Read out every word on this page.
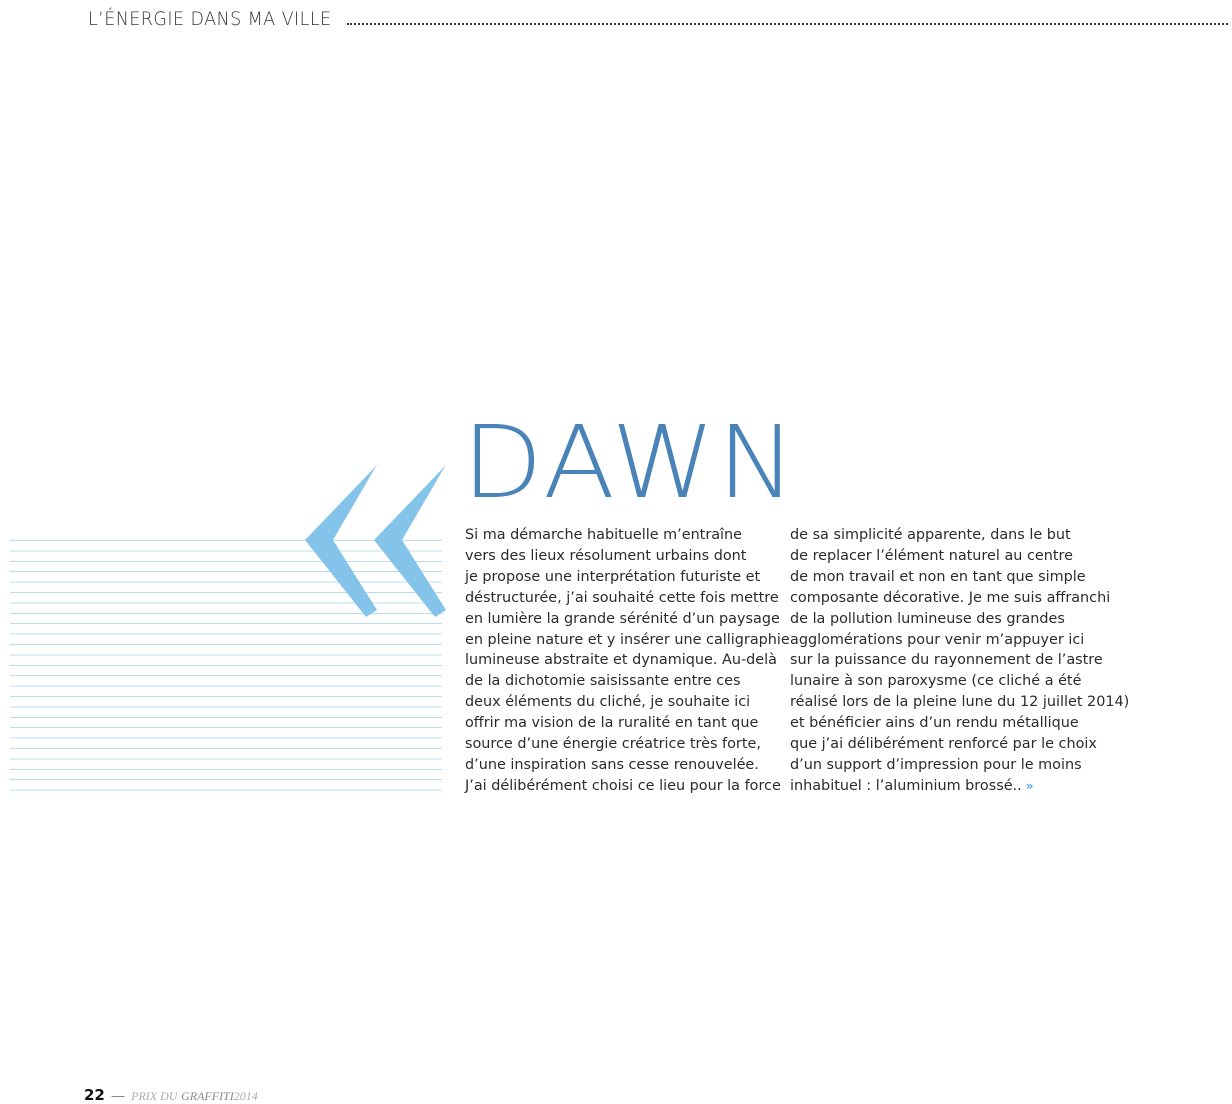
L’ÉNERGIE DANS MA VILLE
DAWN
Si ma démarche habituelle m’entraîne
vers des lieux résolument urbains dont
je propose une interprétation futuriste et
déstructurée, j’ai souhaité cette fois mettre
en lumière la grande sérénité d’un paysage
en pleine nature et y insérer une calligraphie
lumineuse abstraite et dynamique. Au-delà
de la dichotomie saisissante entre ces
deux éléments du cliché, je souhaite ici
offrir ma vision de la ruralité en tant que
source d’une énergie créatrice très forte,
d’une inspiration sans cesse renouvelée.
J’ai délibérément choisi ce lieu pour la force
de sa simplicité apparente, dans le but
de replacer l’élément naturel au centre
de mon travail et non en tant que simple
composante décorative. Je me suis affranchi
de la pollution lumineuse des grandes
agglomérations pour venir m’appuyer ici
sur la puissance du rayonnement de l’astre
lunaire à son paroxysme (ce cliché a été
réalisé lors de la pleine lune du 12 juillet 2014)
et bénéficier ains d’un rendu métallique
que j’ai délibérément renforcé par le choix
d’un support d’impression pour le moins
inhabituel : l’aluminium brossé.. »
22 — PRIX DU GRAFFITI2014
